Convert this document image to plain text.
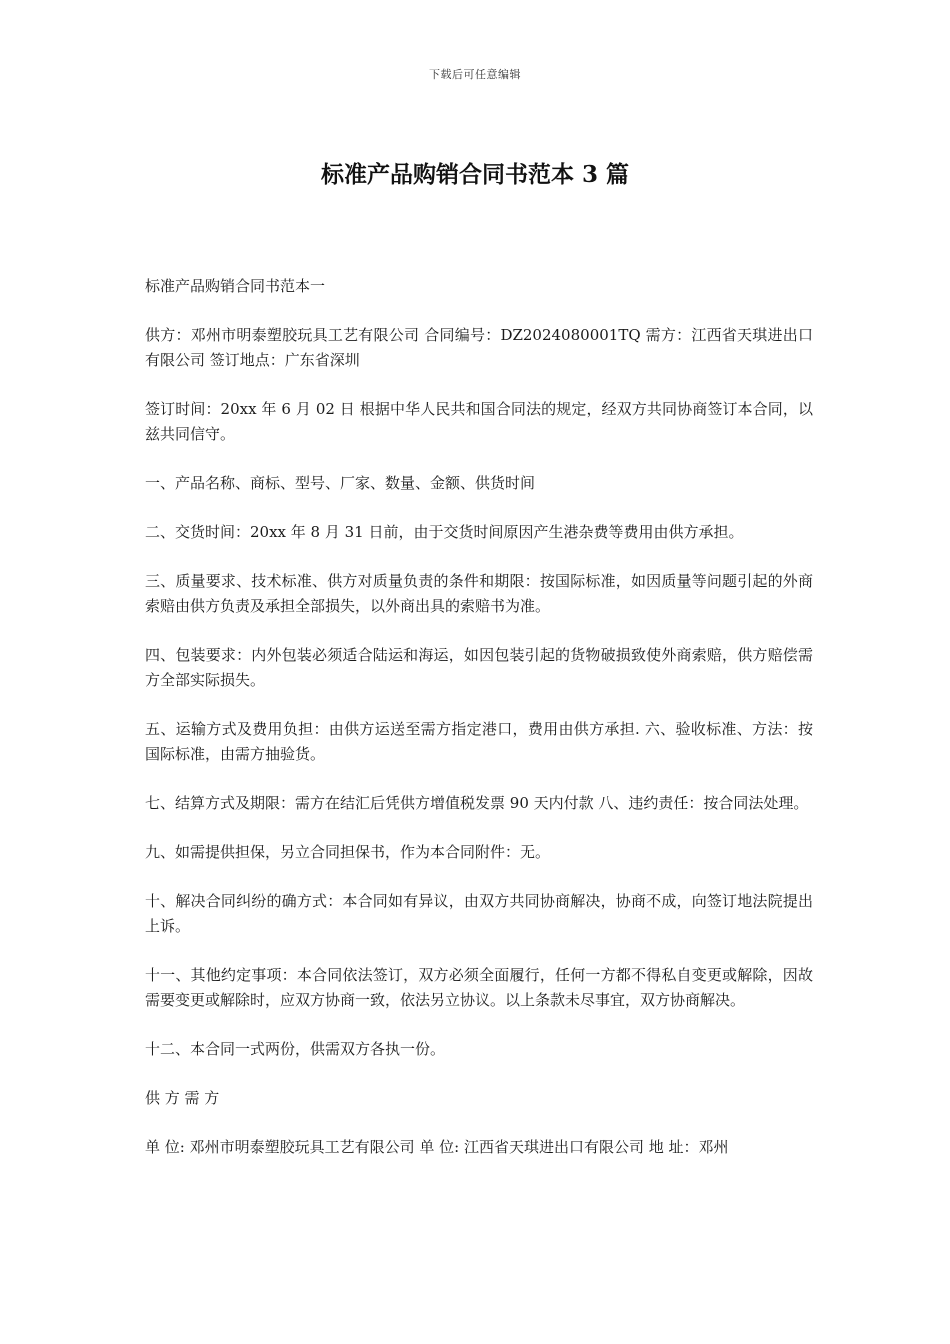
下载后可任意编辑
标准产品购销合同书范本 3 篇

标准产品购销合同书范本一

供方：邓州市明泰塑胶玩具工艺有限公司 合同编号：DZ2024080001TQ 需方：江西省天琪进出口有限公司 签订地点：广东省深圳

签订时间：20xx 年 6 月 02 日 根据中华人民共和国合同法的规定，经双方共同协商签订本合同，以兹共同信守。

一、产品名称、商标、型号、厂家、数量、金额、供货时间

二、交货时间：20xx 年 8 月 31 日前，由于交货时间原因产生港杂费等费用由供方承担。

三、质量要求、技术标准、供方对质量负责的条件和期限：按国际标准，如因质量等问题引起的外商索赔由供方负责及承担全部损失，以外商出具的索赔书为准。

四、包装要求：内外包装必须适合陆运和海运，如因包装引起的货物破损致使外商索赔，供方赔偿需方全部实际损失。

五、运输方式及费用负担：由供方运送至需方指定港口，费用由供方承担. 六、验收标准、方法：按国际标准，由需方抽验货。

七、结算方式及期限：需方在结汇后凭供方增值税发票 90 天内付款 八、违约责任：按合同法处理。

九、如需提供担保，另立合同担保书，作为本合同附件：无。

十、解决合同纠纷的确方式：本合同如有异议，由双方共同协商解决，协商不成，向签订地法院提出上诉。

十一、其他约定事项：本合同依法签订，双方必须全面履行，任何一方都不得私自变更或解除，因故需要变更或解除时，应双方协商一致，依法另立协议。以上条款未尽事宜，双方协商解决。

十二、本合同一式两份，供需双方各执一份。

供 方 需 方

单 位: 邓州市明泰塑胶玩具工艺有限公司 单 位: 江西省天琪进出口有限公司 地 址：邓州
